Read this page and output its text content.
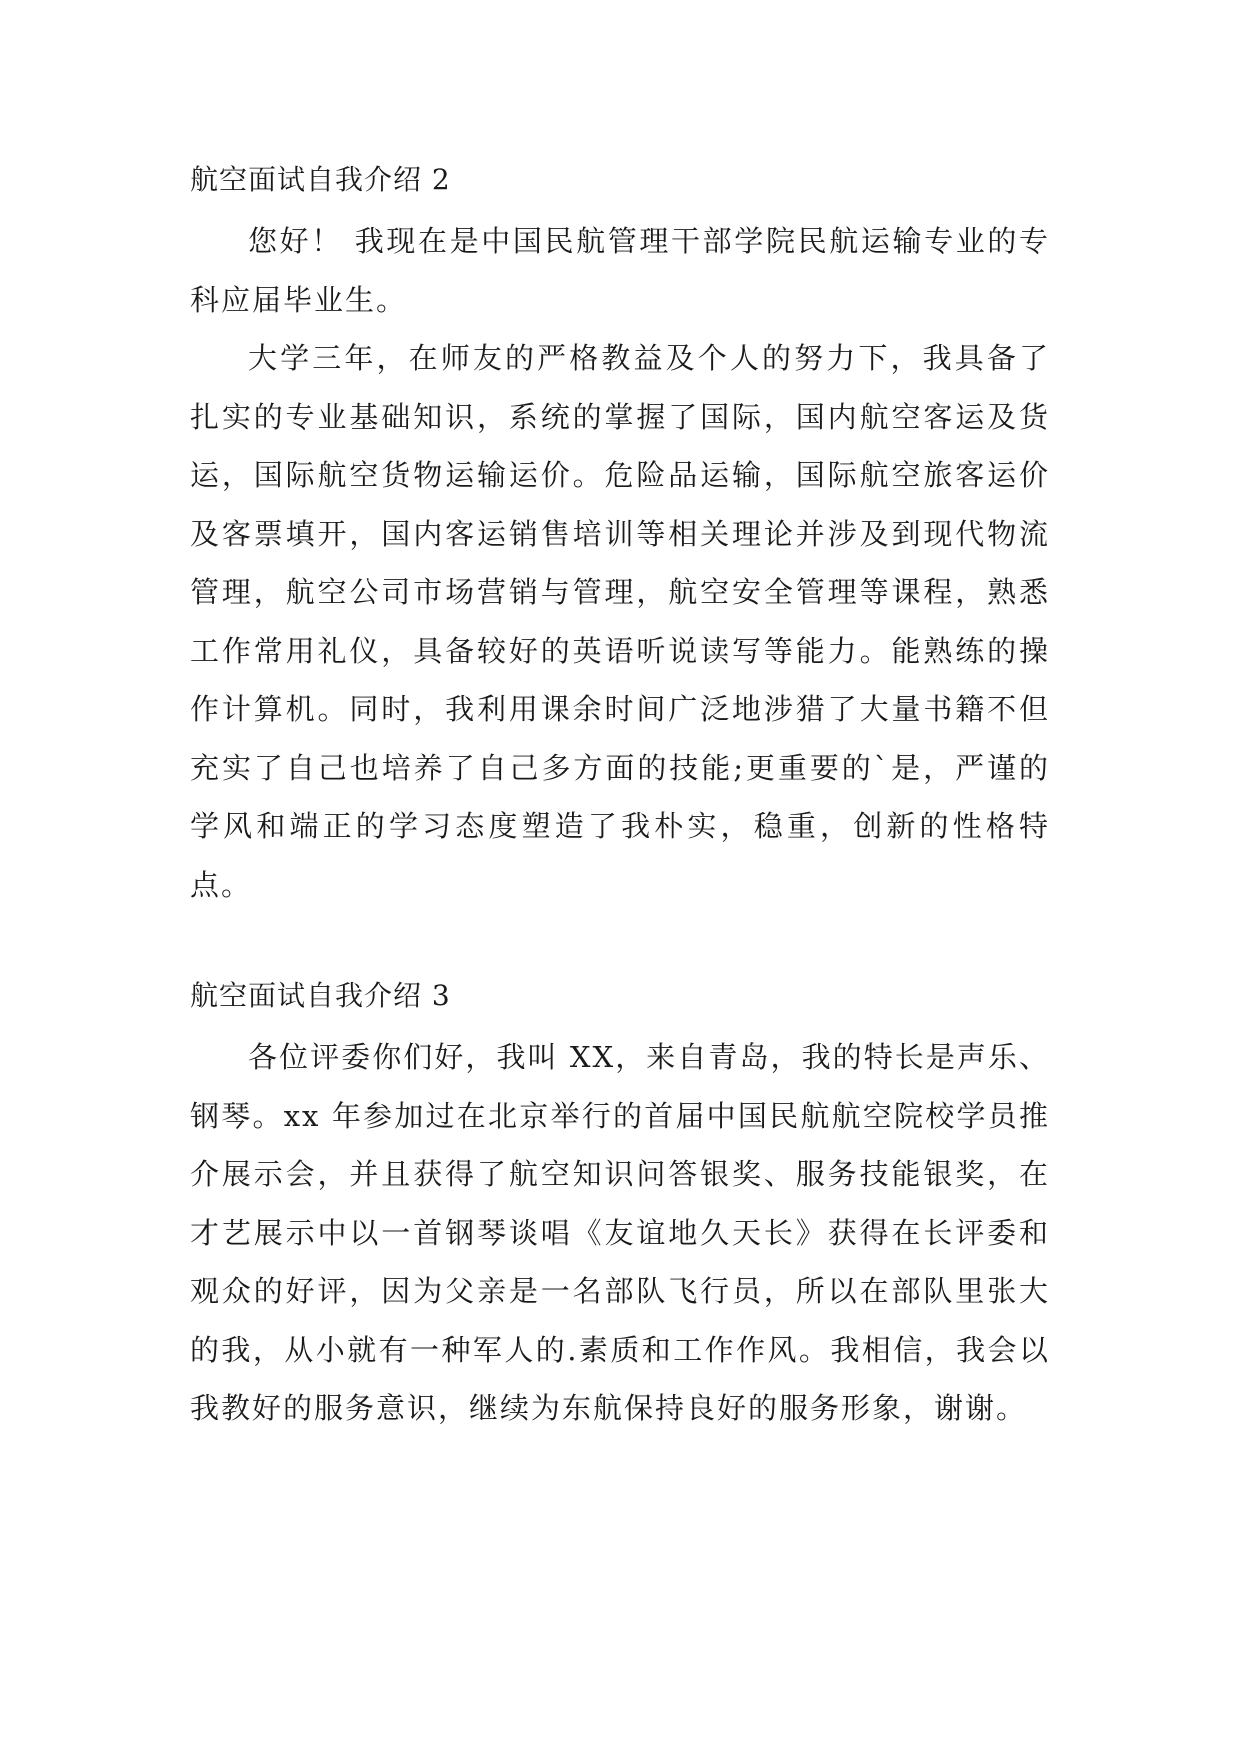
航空面试自我介绍 2

您好！ 我现在是中国民航管理干部学院民航运输专业的专科应届毕业生。

大学三年，在师友的严格教益及个人的努力下，我具备了扎实的专业基础知识，系统的掌握了国际，国内航空客运及货运，国际航空货物运输运价。危险品运输，国际航空旅客运价及客票填开，国内客运销售培训等相关理论并涉及到现代物流管理，航空公司市场营销与管理，航空安全管理等课程，熟悉工作常用礼仪，具备较好的英语听说读写等能力。能熟练的操作计算机。同时，我利用课余时间广泛地涉猎了大量书籍不但充实了自己也培养了自己多方面的技能;更重要的`是，严谨的学风和端正的学习态度塑造了我朴实，稳重，创新的性格特点。

航空面试自我介绍 3

各位评委你们好，我叫 XX，来自青岛，我的特长是声乐、钢琴。xx 年参加过在北京举行的首届中国民航航空院校学员推介展示会，并且获得了航空知识问答银奖、服务技能银奖，在才艺展示中以一首钢琴谈唱《友谊地久天长》获得在长评委和观众的好评，因为父亲是一名部队飞行员，所以在部队里张大的我，从小就有一种军人的.素质和工作作风。我相信，我会以我教好的服务意识，继续为东航保持良好的服务形象，谢谢。
